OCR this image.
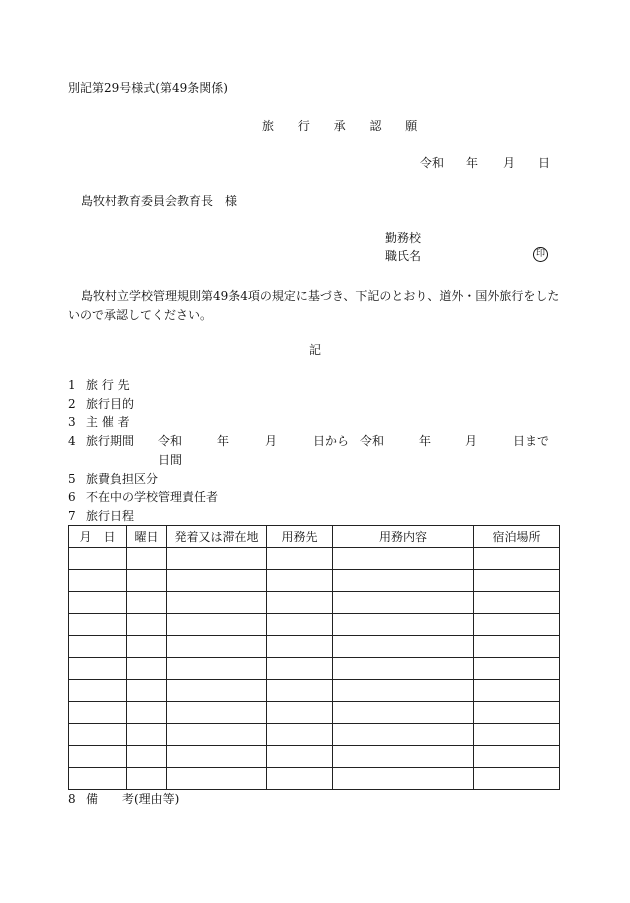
別記第29号様式(第49条関係)
旅 行 承 認 願
令和 年 月 日
島牧村教育委員会教育長　様
勤務校
職氏名	印
島牧村立学校管理規則第49条4項の規定に基づき、下記のとおり、道外・国外旅行をしたいので承認してください。
記
1 旅 行 先
2 旅行目的
3 主 催 者
4 旅行期間 令和	年	月	日から 令和	年	月	日まで
日間
5 旅費負担区分
6 不在中の学校管理責任者
7 旅行日程
月　日	曜日	発着又は滞在地	用務先	用務内容	宿泊場所

8 備　　考(理由等)
